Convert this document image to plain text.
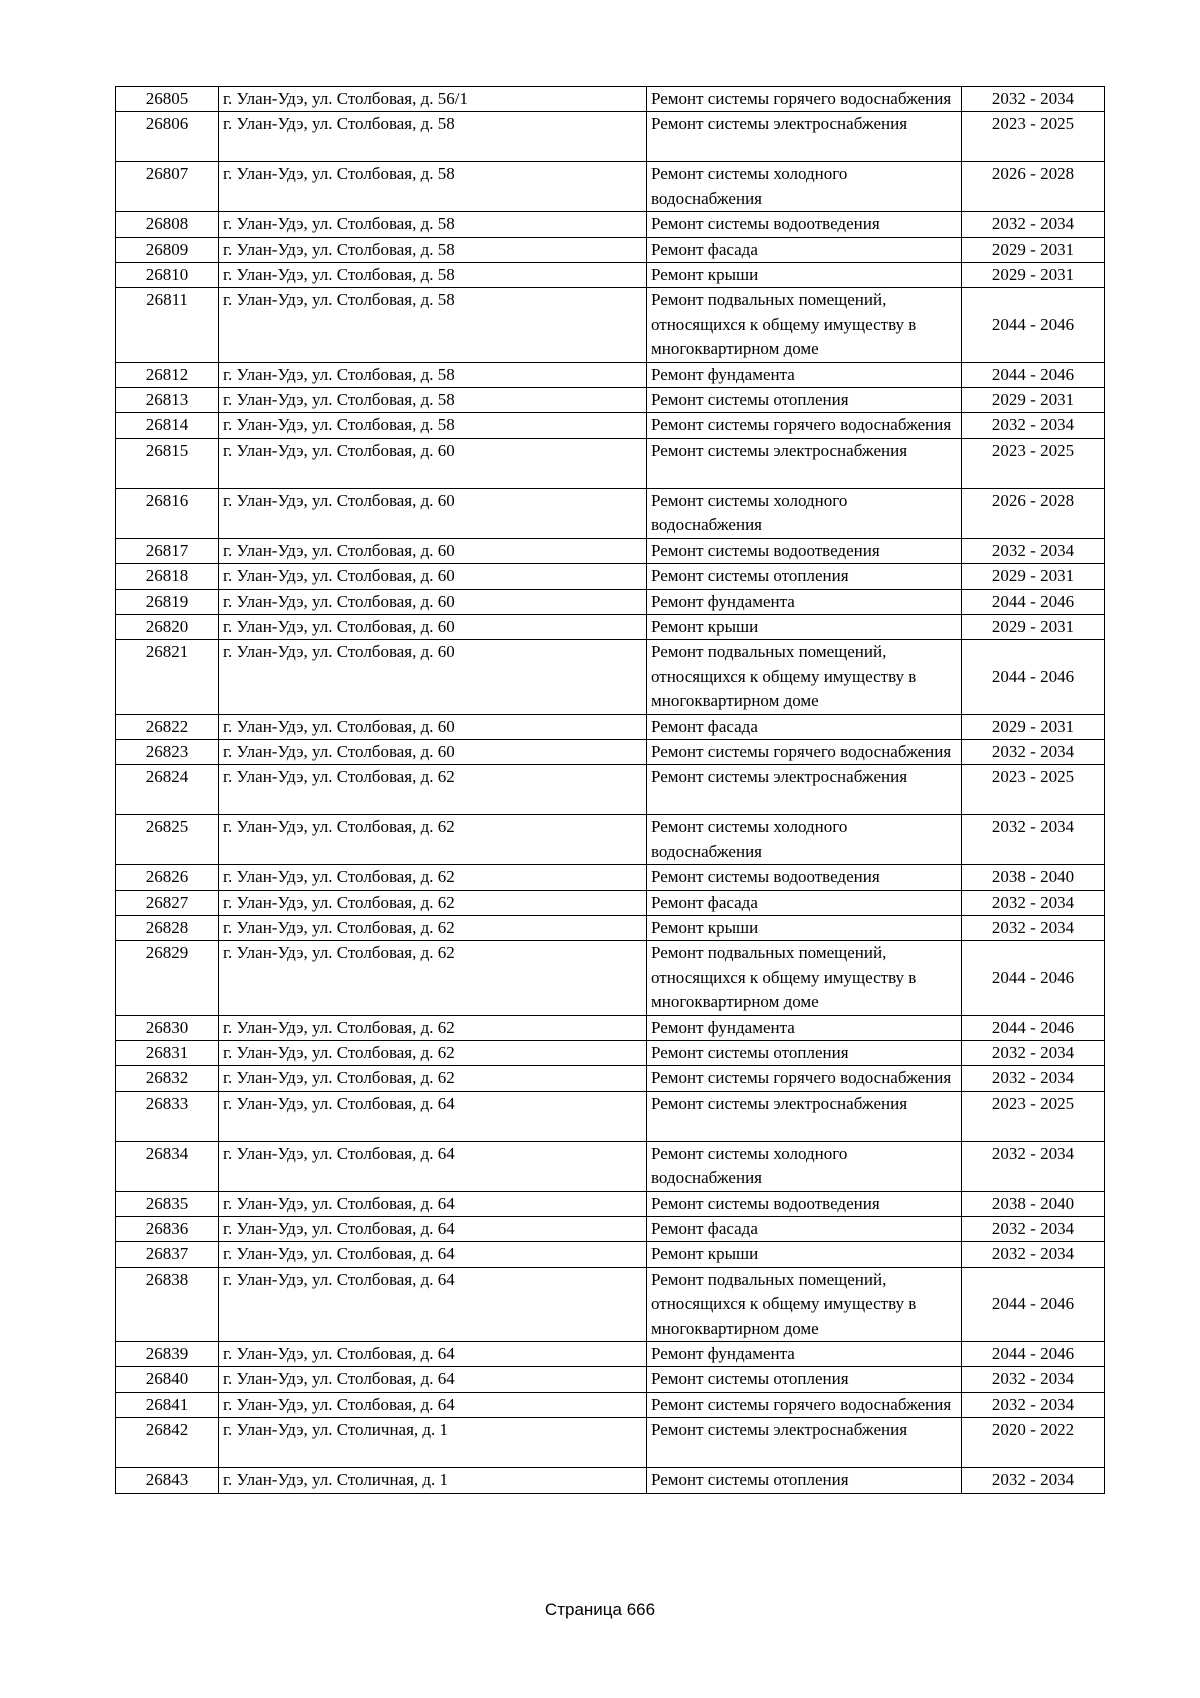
26805	г. Улан-Удэ, ул. Столбовая, д. 56/1	Ремонт системы горячего водоснабжения	2032 - 2034
26806	г. Улан-Удэ, ул. Столбовая, д. 58	Ремонт системы электроснабжения	2023 - 2025
26807	г. Улан-Удэ, ул. Столбовая, д. 58	Ремонт системы холодного водоснабжения	2026 - 2028
26808	г. Улан-Удэ, ул. Столбовая, д. 58	Ремонт системы водоотведения	2032 - 2034
26809	г. Улан-Удэ, ул. Столбовая, д. 58	Ремонт фасада	2029 - 2031
26810	г. Улан-Удэ, ул. Столбовая, д. 58	Ремонт крыши	2029 - 2031
26811	г. Улан-Удэ, ул. Столбовая, д. 58	Ремонт подвальных помещений, относящихся к общему имуществу в многоквартирном доме	2044 - 2046
26812	г. Улан-Удэ, ул. Столбовая, д. 58	Ремонт фундамента	2044 - 2046
26813	г. Улан-Удэ, ул. Столбовая, д. 58	Ремонт системы отопления	2029 - 2031
26814	г. Улан-Удэ, ул. Столбовая, д. 58	Ремонт системы горячего водоснабжения	2032 - 2034
26815	г. Улан-Удэ, ул. Столбовая, д. 60	Ремонт системы электроснабжения	2023 - 2025
26816	г. Улан-Удэ, ул. Столбовая, д. 60	Ремонт системы холодного водоснабжения	2026 - 2028
26817	г. Улан-Удэ, ул. Столбовая, д. 60	Ремонт системы водоотведения	2032 - 2034
26818	г. Улан-Удэ, ул. Столбовая, д. 60	Ремонт системы отопления	2029 - 2031
26819	г. Улан-Удэ, ул. Столбовая, д. 60	Ремонт фундамента	2044 - 2046
26820	г. Улан-Удэ, ул. Столбовая, д. 60	Ремонт крыши	2029 - 2031
26821	г. Улан-Удэ, ул. Столбовая, д. 60	Ремонт подвальных помещений, относящихся к общему имуществу в многоквартирном доме	2044 - 2046
26822	г. Улан-Удэ, ул. Столбовая, д. 60	Ремонт фасада	2029 - 2031
26823	г. Улан-Удэ, ул. Столбовая, д. 60	Ремонт системы горячего водоснабжения	2032 - 2034
26824	г. Улан-Удэ, ул. Столбовая, д. 62	Ремонт системы электроснабжения	2023 - 2025
26825	г. Улан-Удэ, ул. Столбовая, д. 62	Ремонт системы холодного водоснабжения	2032 - 2034
26826	г. Улан-Удэ, ул. Столбовая, д. 62	Ремонт системы водоотведения	2038 - 2040
26827	г. Улан-Удэ, ул. Столбовая, д. 62	Ремонт фасада	2032 - 2034
26828	г. Улан-Удэ, ул. Столбовая, д. 62	Ремонт крыши	2032 - 2034
26829	г. Улан-Удэ, ул. Столбовая, д. 62	Ремонт подвальных помещений, относящихся к общему имуществу в многоквартирном доме	2044 - 2046
26830	г. Улан-Удэ, ул. Столбовая, д. 62	Ремонт фундамента	2044 - 2046
26831	г. Улан-Удэ, ул. Столбовая, д. 62	Ремонт системы отопления	2032 - 2034
26832	г. Улан-Удэ, ул. Столбовая, д. 62	Ремонт системы горячего водоснабжения	2032 - 2034
26833	г. Улан-Удэ, ул. Столбовая, д. 64	Ремонт системы электроснабжения	2023 - 2025
26834	г. Улан-Удэ, ул. Столбовая, д. 64	Ремонт системы холодного водоснабжения	2032 - 2034
26835	г. Улан-Удэ, ул. Столбовая, д. 64	Ремонт системы водоотведения	2038 - 2040
26836	г. Улан-Удэ, ул. Столбовая, д. 64	Ремонт фасада	2032 - 2034
26837	г. Улан-Удэ, ул. Столбовая, д. 64	Ремонт крыши	2032 - 2034
26838	г. Улан-Удэ, ул. Столбовая, д. 64	Ремонт подвальных помещений, относящихся к общему имуществу в многоквартирном доме	2044 - 2046
26839	г. Улан-Удэ, ул. Столбовая, д. 64	Ремонт фундамента	2044 - 2046
26840	г. Улан-Удэ, ул. Столбовая, д. 64	Ремонт системы отопления	2032 - 2034
26841	г. Улан-Удэ, ул. Столбовая, д. 64	Ремонт системы горячего водоснабжения	2032 - 2034
26842	г. Улан-Удэ, ул. Столичная, д. 1	Ремонт системы электроснабжения	2020 - 2022
26843	г. Улан-Удэ, ул. Столичная, д. 1	Ремонт системы отопления	2032 - 2034
Страница 666
